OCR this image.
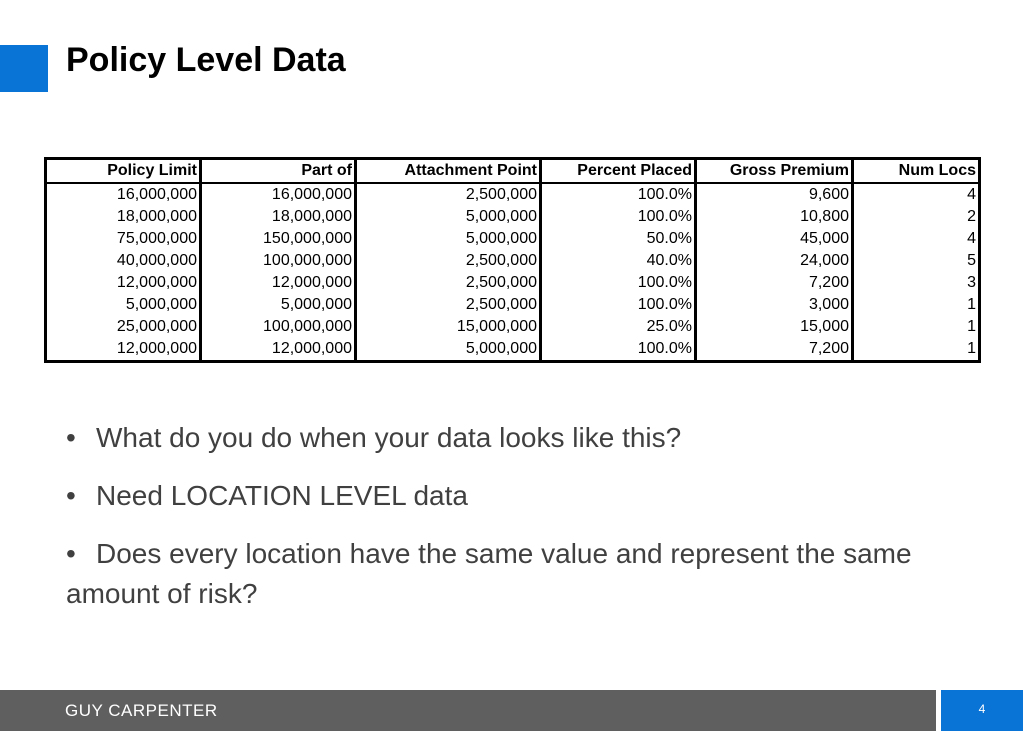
Policy Level Data
Policy Limit	Part of	Attachment Point	Percent Placed	Gross Premium	Num Locs
16,000,000	16,000,000	2,500,000	100.0%	9,600	4
18,000,000	18,000,000	5,000,000	100.0%	10,800	2
75,000,000	150,000,000	5,000,000	50.0%	45,000	4
40,000,000	100,000,000	2,500,000	40.0%	24,000	5
12,000,000	12,000,000	2,500,000	100.0%	7,200	3
5,000,000	5,000,000	2,500,000	100.0%	3,000	1
25,000,000	100,000,000	15,000,000	25.0%	15,000	1
12,000,000	12,000,000	5,000,000	100.0%	7,200	1
• What do you do when your data looks like this?
• Need LOCATION LEVEL data
• Does every location have the same value and represent the same amount of risk?
GUY CARPENTER	4
